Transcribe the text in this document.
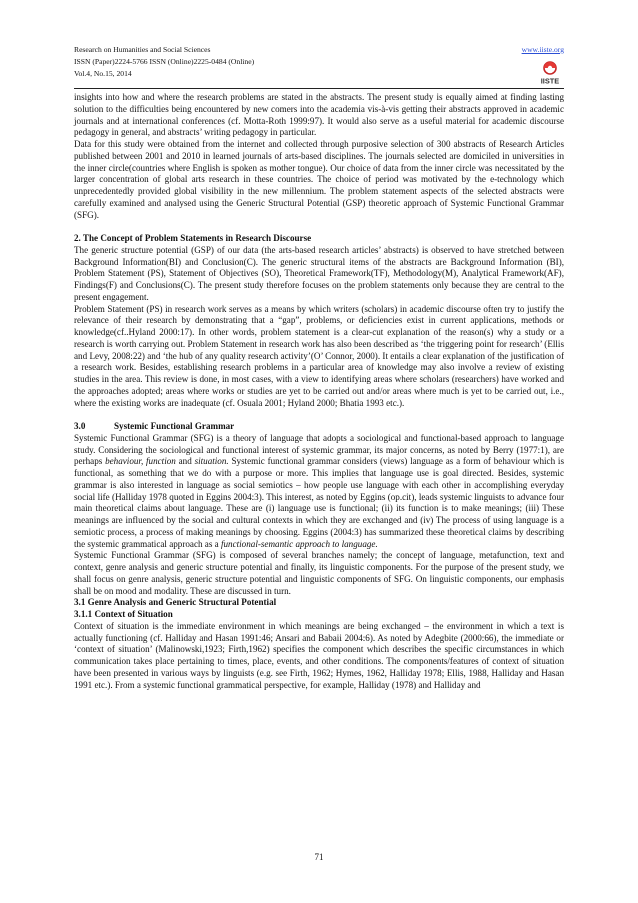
Research on Humanities and Social Sciences
ISSN (Paper)2224-5766 ISSN (Online)2225-0484 (Online)
Vol.4, No.15, 2014
www.iiste.org
IISTE

insights into how and where the research problems are stated in the abstracts. The present study is equally aimed at finding lasting solution to the difficulties being encountered by new comers into the academia vis-à-vis getting their abstracts approved in academic journals and at international conferences (cf. Motta-Roth 1999:97). It would also serve as a useful material for academic discourse pedagogy in general, and abstracts’ writing pedagogy in particular.

Data for this study were obtained from the internet and collected through purposive selection of 300 abstracts of Research Articles published between 2001 and 2010 in learned journals of arts-based disciplines. The journals selected are domiciled in universities in the inner circle(countries where English is spoken as mother tongue). Our choice of data from the inner circle was necessitated by the larger concentration of global arts research in these countries. The choice of period was motivated by the e-technology which unprecedentedly provided global visibility in the new millennium. The problem statement aspects of the selected abstracts were carefully examined and analysed using the Generic Structural Potential (GSP) theoretic approach of Systemic Functional Grammar (SFG).

2. The Concept of Problem Statements in Research Discourse

The generic structure potential (GSP) of our data (the arts-based research articles’ abstracts) is observed to have stretched between Background Information(BI) and Conclusion(C). The generic structural items of the abstracts are Background Information (BI), Problem Statement (PS), Statement of Objectives (SO), Theoretical Framework(TF), Methodology(M), Analytical Framework(AF), Findings(F) and Conclusions(C). The present study therefore focuses on the problem statements only because they are central to the present engagement.

Problem Statement (PS) in research work serves as a means by which writers (scholars) in academic discourse often try to justify the relevance of their research by demonstrating that a “gap”, problems, or deficiencies exist in current applications, methods or knowledge(cf..Hyland 2000:17). In other words, problem statement is a clear-cut explanation of the reason(s) why a study or a research is worth carrying out. Problem Statement in research work has also been described as ‘the triggering point for research’ (Ellis and Levy, 2008:22) and ‘the hub of any quality research activity’(O’ Connor, 2000). It entails a clear explanation of the justification of a research work. Besides, establishing research problems in a particular area of knowledge may also involve a review of existing studies in the area. This review is done, in most cases, with a view to identifying areas where scholars (researchers) have worked and the approaches adopted; areas where works or studies are yet to be carried out and/or areas where much is yet to be carried out, i.e., where the existing works are inadequate (cf. Osuala 2001; Hyland 2000; Bhatia 1993 etc.).

3.0	Systemic Functional Grammar

Systemic Functional Grammar (SFG) is a theory of language that adopts a sociological and functional-based approach to language study. Considering the sociological and functional interest of systemic grammar, its major concerns, as noted by Berry (1977:1), are perhaps behaviour, function and situation. Systemic functional grammar considers (views) language as a form of behaviour which is functional, as something that we do with a purpose or more. This implies that language use is goal directed. Besides, systemic grammar is also interested in language as social semiotics – how people use language with each other in accomplishing everyday social life (Halliday 1978 quoted in Eggins 2004:3). This interest, as noted by Eggins (op.cit), leads systemic linguists to advance four main theoretical claims about language. These are (i) language use is functional; (ii) its function is to make meanings; (iii) These meanings are influenced by the social and cultural contexts in which they are exchanged and (iv) The process of using language is a semiotic process, a process of making meanings by choosing. Eggins (2004:3) has summarized these theoretical claims by describing the systemic grammatical approach as a functional-semantic approach to language.

Systemic Functional Grammar (SFG) is composed of several branches namely; the concept of language, metafunction, text and context, genre analysis and generic structure potential and finally, its linguistic components. For the purpose of the present study, we shall focus on genre analysis, generic structure potential and linguistic components of SFG. On linguistic components, our emphasis shall be on mood and modality. These are discussed in turn.

3.1 Genre Analysis and Generic Structural Potential

3.1.1 Context of Situation

Context of situation is the immediate environment in which meanings are being exchanged – the environment in which a text is actually functioning (cf. Halliday and Hasan 1991:46; Ansari and Babaii 2004:6). As noted by Adegbite (2000:66), the immediate or ‘context of situation’ (Malinowski,1923; Firth,1962) specifies the component which describes the specific circumstances in which communication takes place pertaining to times, place, events, and other conditions. The components/features of context of situation have been presented in various ways by linguists (e.g. see Firth, 1962; Hymes, 1962, Halliday 1978; Ellis, 1988, Halliday and Hasan 1991 etc.). From a systemic functional grammatical perspective, for example, Halliday (1978) and Halliday and

71
